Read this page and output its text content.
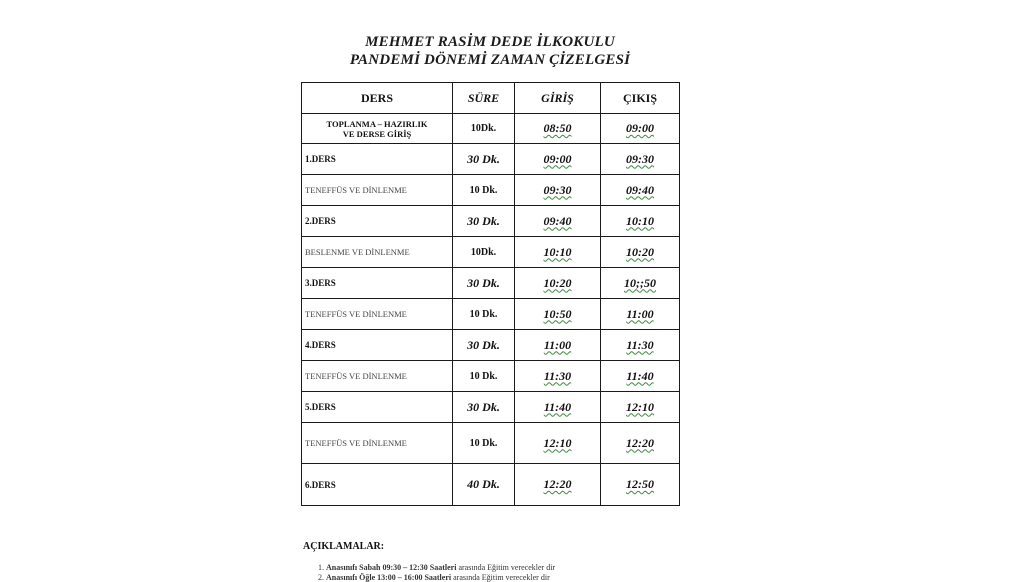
MEHMET RASİM DEDE İLKOKULU
PANDEMİ DÖNEMİ ZAMAN ÇİZELGESİ
DERS	SÜRE	GİRİŞ	ÇIKIŞ

TOPLANMA – HAZIRLIK
VE DERSE GİRİŞ	10Dk.	08:50	09:00
1.DERS	30 Dk.	09:00	09:30
TENEFFÜS VE DİNLENME	10 Dk.	09:30	09:40
2.DERS	30 Dk.	09:40	10:10
BESLENME VE DİNLENME	10Dk.	10:10	10:20
3.DERS	30 Dk.	10:20	10;;50
TENEFFÜS VE DİNLENME	10 Dk.	10:50	11:00
4.DERS	30 Dk.	11:00	11:30
TENEFFÜS VE DİNLENME	10 Dk.	11:30	11:40
5.DERS	30 Dk.	11:40	12:10
TENEFFÜS VE DİNLENME	10 Dk.	12:10	12:20
6.DERS	40 Dk.	12:20	12:50
AÇIKLAMALAR:
1. Anasınıfı Sabah 09:30 – 12:30 Saatleri arasında Eğitim verecekler dir
2. Anasınıfı Öğle 13:00 – 16:00 Saatleri arasında Eğitim verecekler dir
